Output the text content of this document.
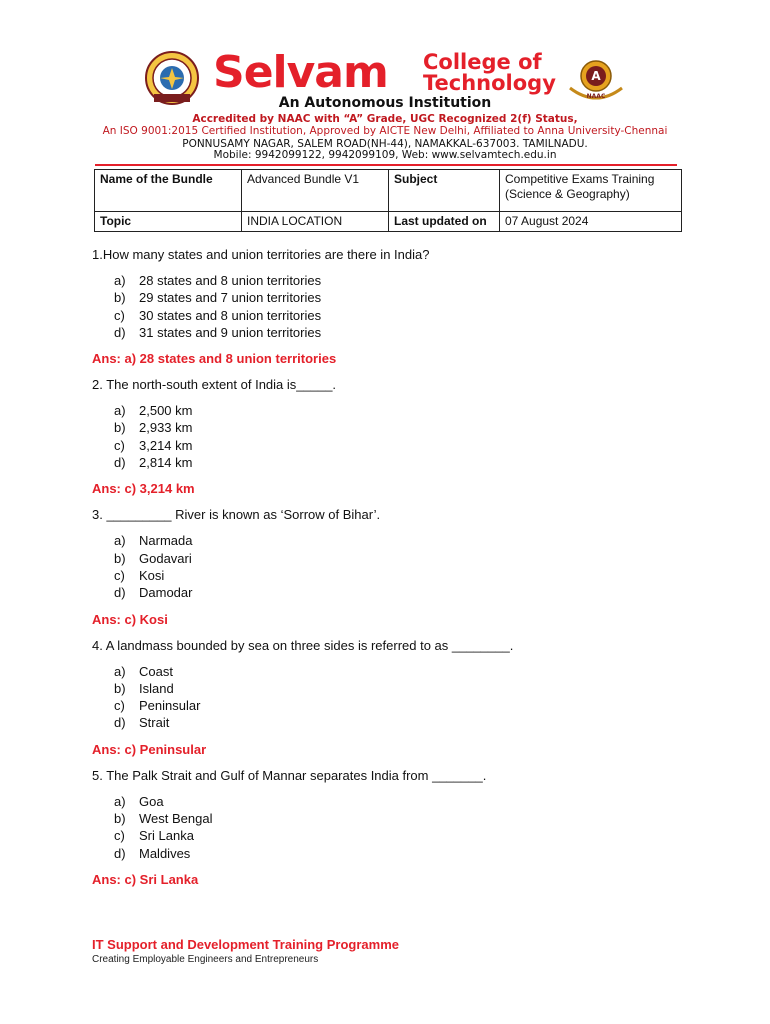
Selvam College of
Technology	A
NAAC
An Autonomous Institution
Accredited by NAAC with “A” Grade, UGC Recognized 2(f) Status,
An ISO 9001:2015 Certified Institution, Approved by AICTE New Delhi, Affiliated to Anna University-Chennai
PONNUSAMY NAGAR, SALEM ROAD(NH-44), NAMAKKAL-637003. TAMILNADU.
Mobile: 9942099122, 9942099109, Web: www.selvamtech.edu.in
Name of the Bundle	Advanced Bundle V1	Subject	Competitive Exams Training (Science & Geography)
Topic	INDIA LOCATION	Last updated on	07 August 2024

1.How many states and union territories are there in India?

a) 28 states and 8 union territories
b) 29 states and 7 union territories
c) 30 states and 8 union territories
d) 31 states and 9 union territories

Ans: a) 28 states and 8 union territories

2. The north-south extent of India is_____.

a) 2,500 km
b) 2,933 km
c) 3,214 km
d) 2,814 km

Ans: c) 3,214 km

3. _________ River is known as ‘Sorrow of Bihar’.

a) Narmada
b) Godavari
c) Kosi
d) Damodar

Ans: c) Kosi

4. A landmass bounded by sea on three sides is referred to as ________.

a) Coast
b) Island
c) Peninsular
d) Strait

Ans: c) Peninsular

5. The Palk Strait and Gulf of Mannar separates India from _______.

a) Goa
b) West Bengal
c) Sri Lanka
d) Maldives

Ans: c) Sri Lanka

IT Support and Development Training Programme
Creating Employable Engineers and Entrepreneurs
